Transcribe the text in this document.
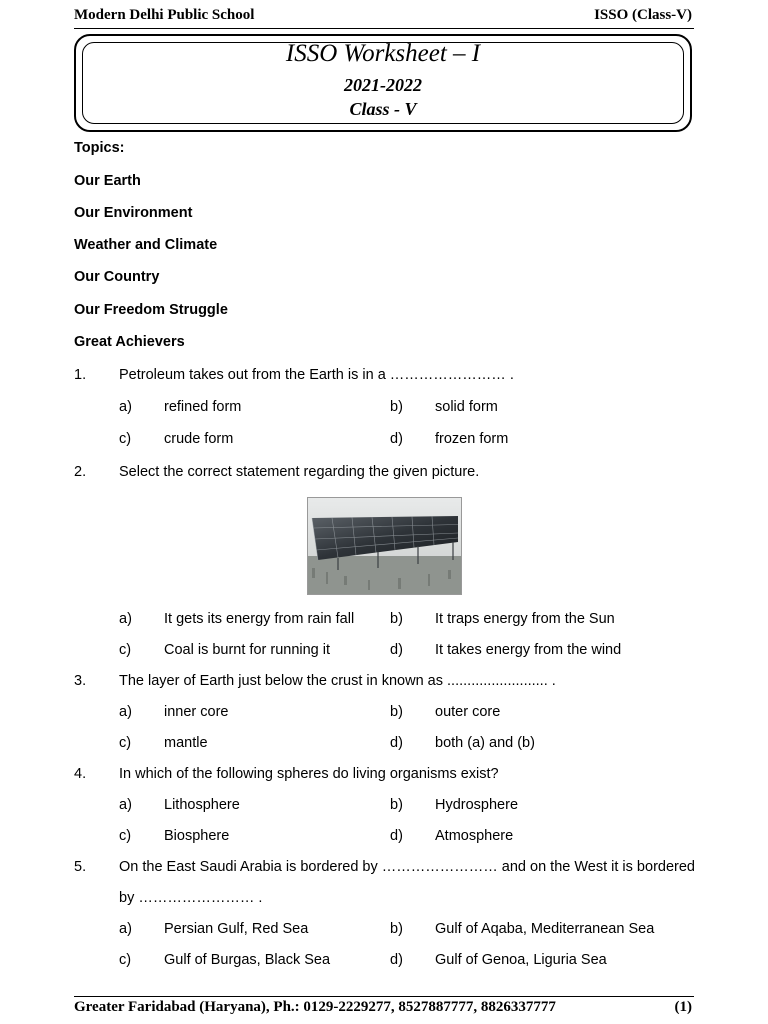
Modern Delhi Public School	ISSO (Class-V)
ISSO Worksheet – I
2021-2022
Class - V
Topics:
Our Earth
Our Environment
Weather and Climate
Our Country
Our Freedom Struggle
Great Achievers
1. Petroleum takes out from the Earth is in a …………………… .
a) refined form	b) solid form
c) crude form	d) frozen form
2. Select the correct statement regarding the given picture.
a) It gets its energy from rain fall b) It traps energy from the Sun
c) Coal is burnt for running it	d) It takes energy from the wind
3. The layer of Earth just below the crust in known as ......................... .
a) inner core	b) outer core
c) mantle	d) both (a) and (b)
4. In which of the following spheres do living organisms exist?
a) Lithosphere	b) Hydrosphere
c) Biosphere	d) Atmosphere
5. On the East Saudi Arabia is bordered by …………………… and on the West it is bordered
by …………………… .
a) Persian Gulf, Red Sea	b) Gulf of Aqaba, Mediterranean Sea
c) Gulf of Burgas, Black Sea	d) Gulf of Genoa, Liguria Sea
Greater Faridabad (Haryana), Ph.: 0129-2229277, 8527887777, 8826337777	(1)
